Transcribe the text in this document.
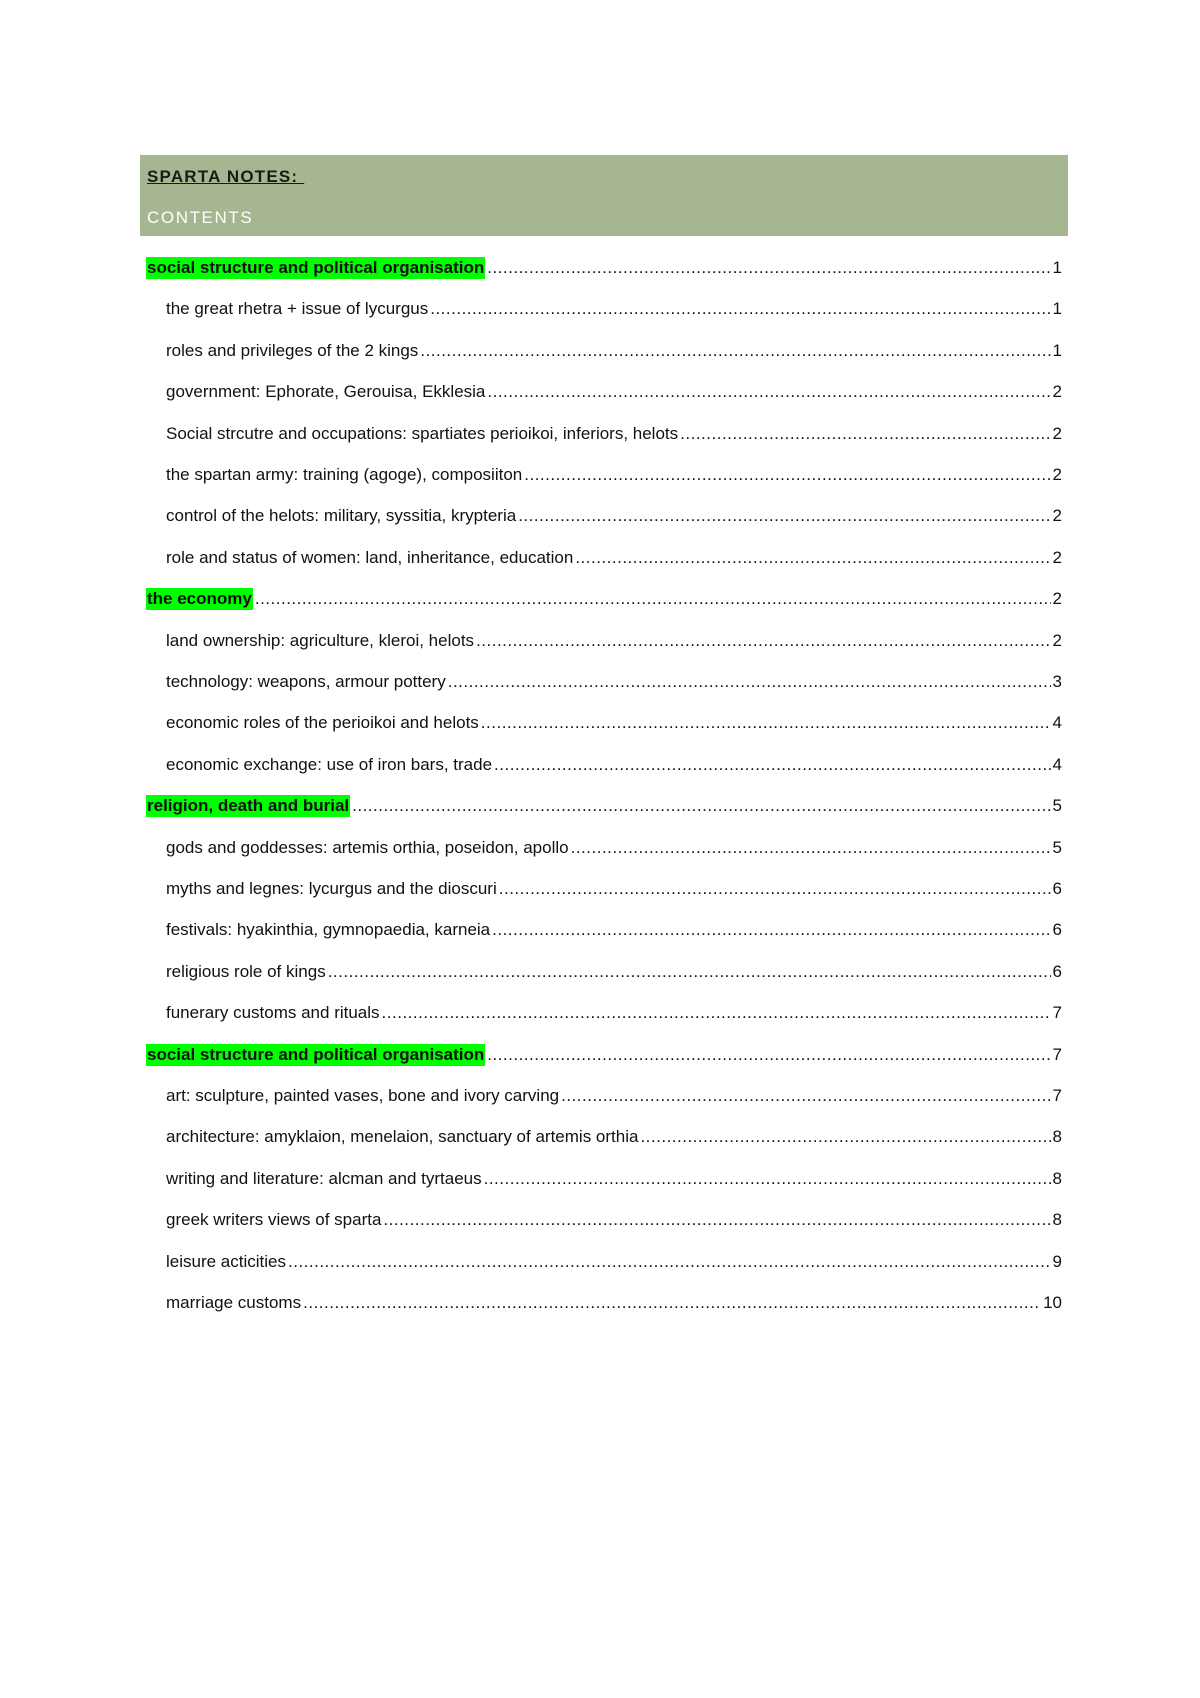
SPARTA NOTES:
CONTENTS
social structure and political organisation .....	1
the great rhetra + issue of lycurgus .....	1
roles and privileges of the 2 kings .....	1
government: Ephorate, Gerouisa, Ekklesia .....	2
Social strcutre and occupations: spartiates perioikoi, inferiors, helots .....	2
the spartan army: training (agoge), composiiton .....	2
control of the helots: military, syssitia, krypteria .....	2
role and status of women: land, inheritance, education .....	2
the economy .....	2
land ownership: agriculture, kleroi, helots .....	2
technology: weapons, armour pottery .....	3
economic roles of the perioikoi and helots .....	4
economic exchange: use of iron bars, trade .....	4
religion, death and burial .....	5
gods and goddesses: artemis orthia, poseidon, apollo .....	5
myths and legnes: lycurgus and the dioscuri .....	6
festivals: hyakinthia, gymnopaedia, karneia .....	6
religious role of kings .....	6
funerary customs and rituals .....	7
social structure and political organisation .....	7
art: sculpture, painted vases, bone and ivory carving .....	7
architecture: amyklaion, menelaion, sanctuary of artemis orthia .....	8
writing and literature: alcman and tyrtaeus .....	8
greek writers views of sparta .....	8
leisure acticities .....	9
marriage customs .....	10
